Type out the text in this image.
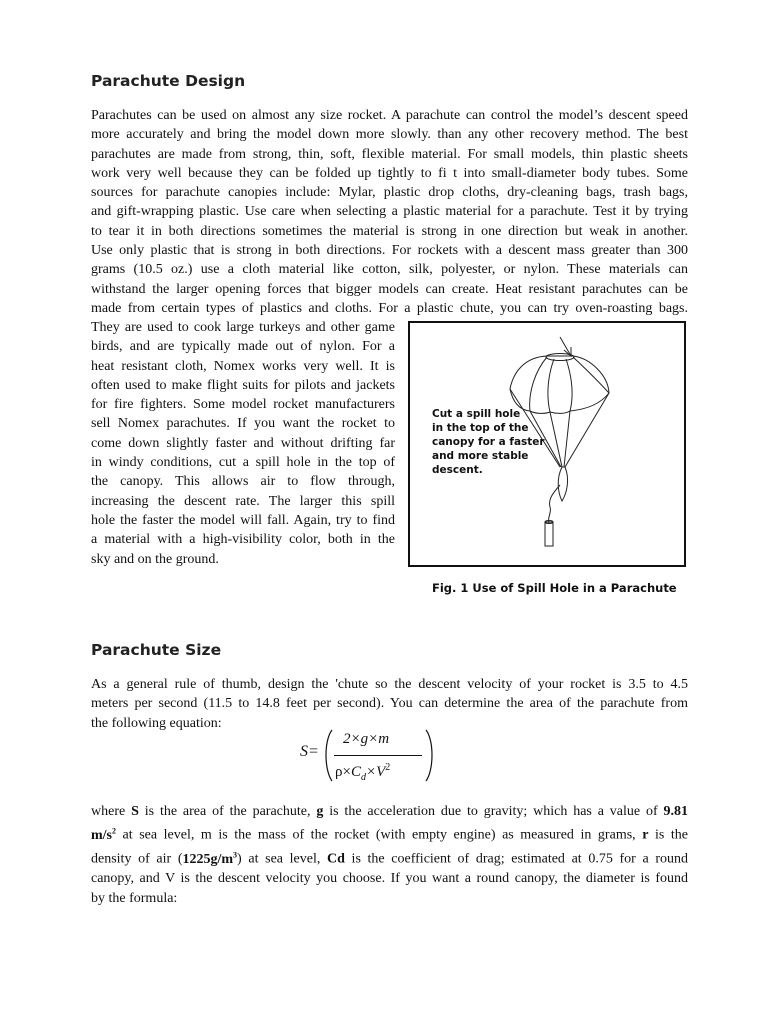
Parachute Design
Parachutes can be used on almost any size rocket. A parachute can control the model’s descent speed
more accurately and bring the model down more slowly. than any other recovery method. The best
parachutes are made from strong, thin, soft, flexible material. For small models, thin plastic sheets
work very well because they can be folded up tightly to fi t into small-diameter body tubes. Some
sources for parachute canopies include: Mylar, plastic drop cloths, dry-cleaning bags, trash bags,
and gift-wrapping plastic. Use care when selecting a plastic material for a parachute. Test it by trying
to tear it in both directions sometimes the material is strong in one direction but weak in another.
Use only plastic that is strong in both directions. For rockets with a descent mass greater than 300
grams (10.5 oz.) use a cloth material like cotton, silk, polyester, or nylon. These materials can
withstand the larger opening forces that bigger models can create. Heat resistant parachutes can be
made from certain types of plastics and cloths. For a plastic chute, you can try oven-roasting bags.
They are used to cook large turkeys and other game
birds, and are typically made out of nylon. For a
heat resistant cloth, Nomex works very well. It is
often used to make flight suits for pilots and jackets
for fire fighters. Some model rocket manufacturers
sell Nomex parachutes. If you want the rocket to
come down slightly faster and without drifting far
in windy conditions, cut a spill hole in the top of
the canopy. This allows air to flow through,
increasing the descent rate. The larger this spill
hole the faster the model will fall. Again, try to find
a material with a high-visibility color, both in the
sky and on the ground.
Cut a spill hole
in the top of the
canopy for a faster
and more stable
descent.
Fig. 1 Use of Spill Hole in a Parachute
Parachute Size
As a general rule of thumb, design the 'chute so the descent velocity of your rocket is 3.5 to 4.5
meters per second (11.5 to 14.8 feet per second). You can determine the area of the parachute from
the following equation:
S=
2×g×m
$\rho\times C_d\times V^2$
where S is the area of the parachute, g is the acceleration due to gravity; which has a value of 9.81
$m/s^2$ at sea level, m is the mass of the rocket (with empty engine) as measured in grams, r is the
density of air $(1225g/m^3)$ at sea level, Cd is the coefficient of drag; estimated at 0.75 for a round
canopy, and V is the descent velocity you choose. If you want a round canopy, the diameter is found
by the formula:
